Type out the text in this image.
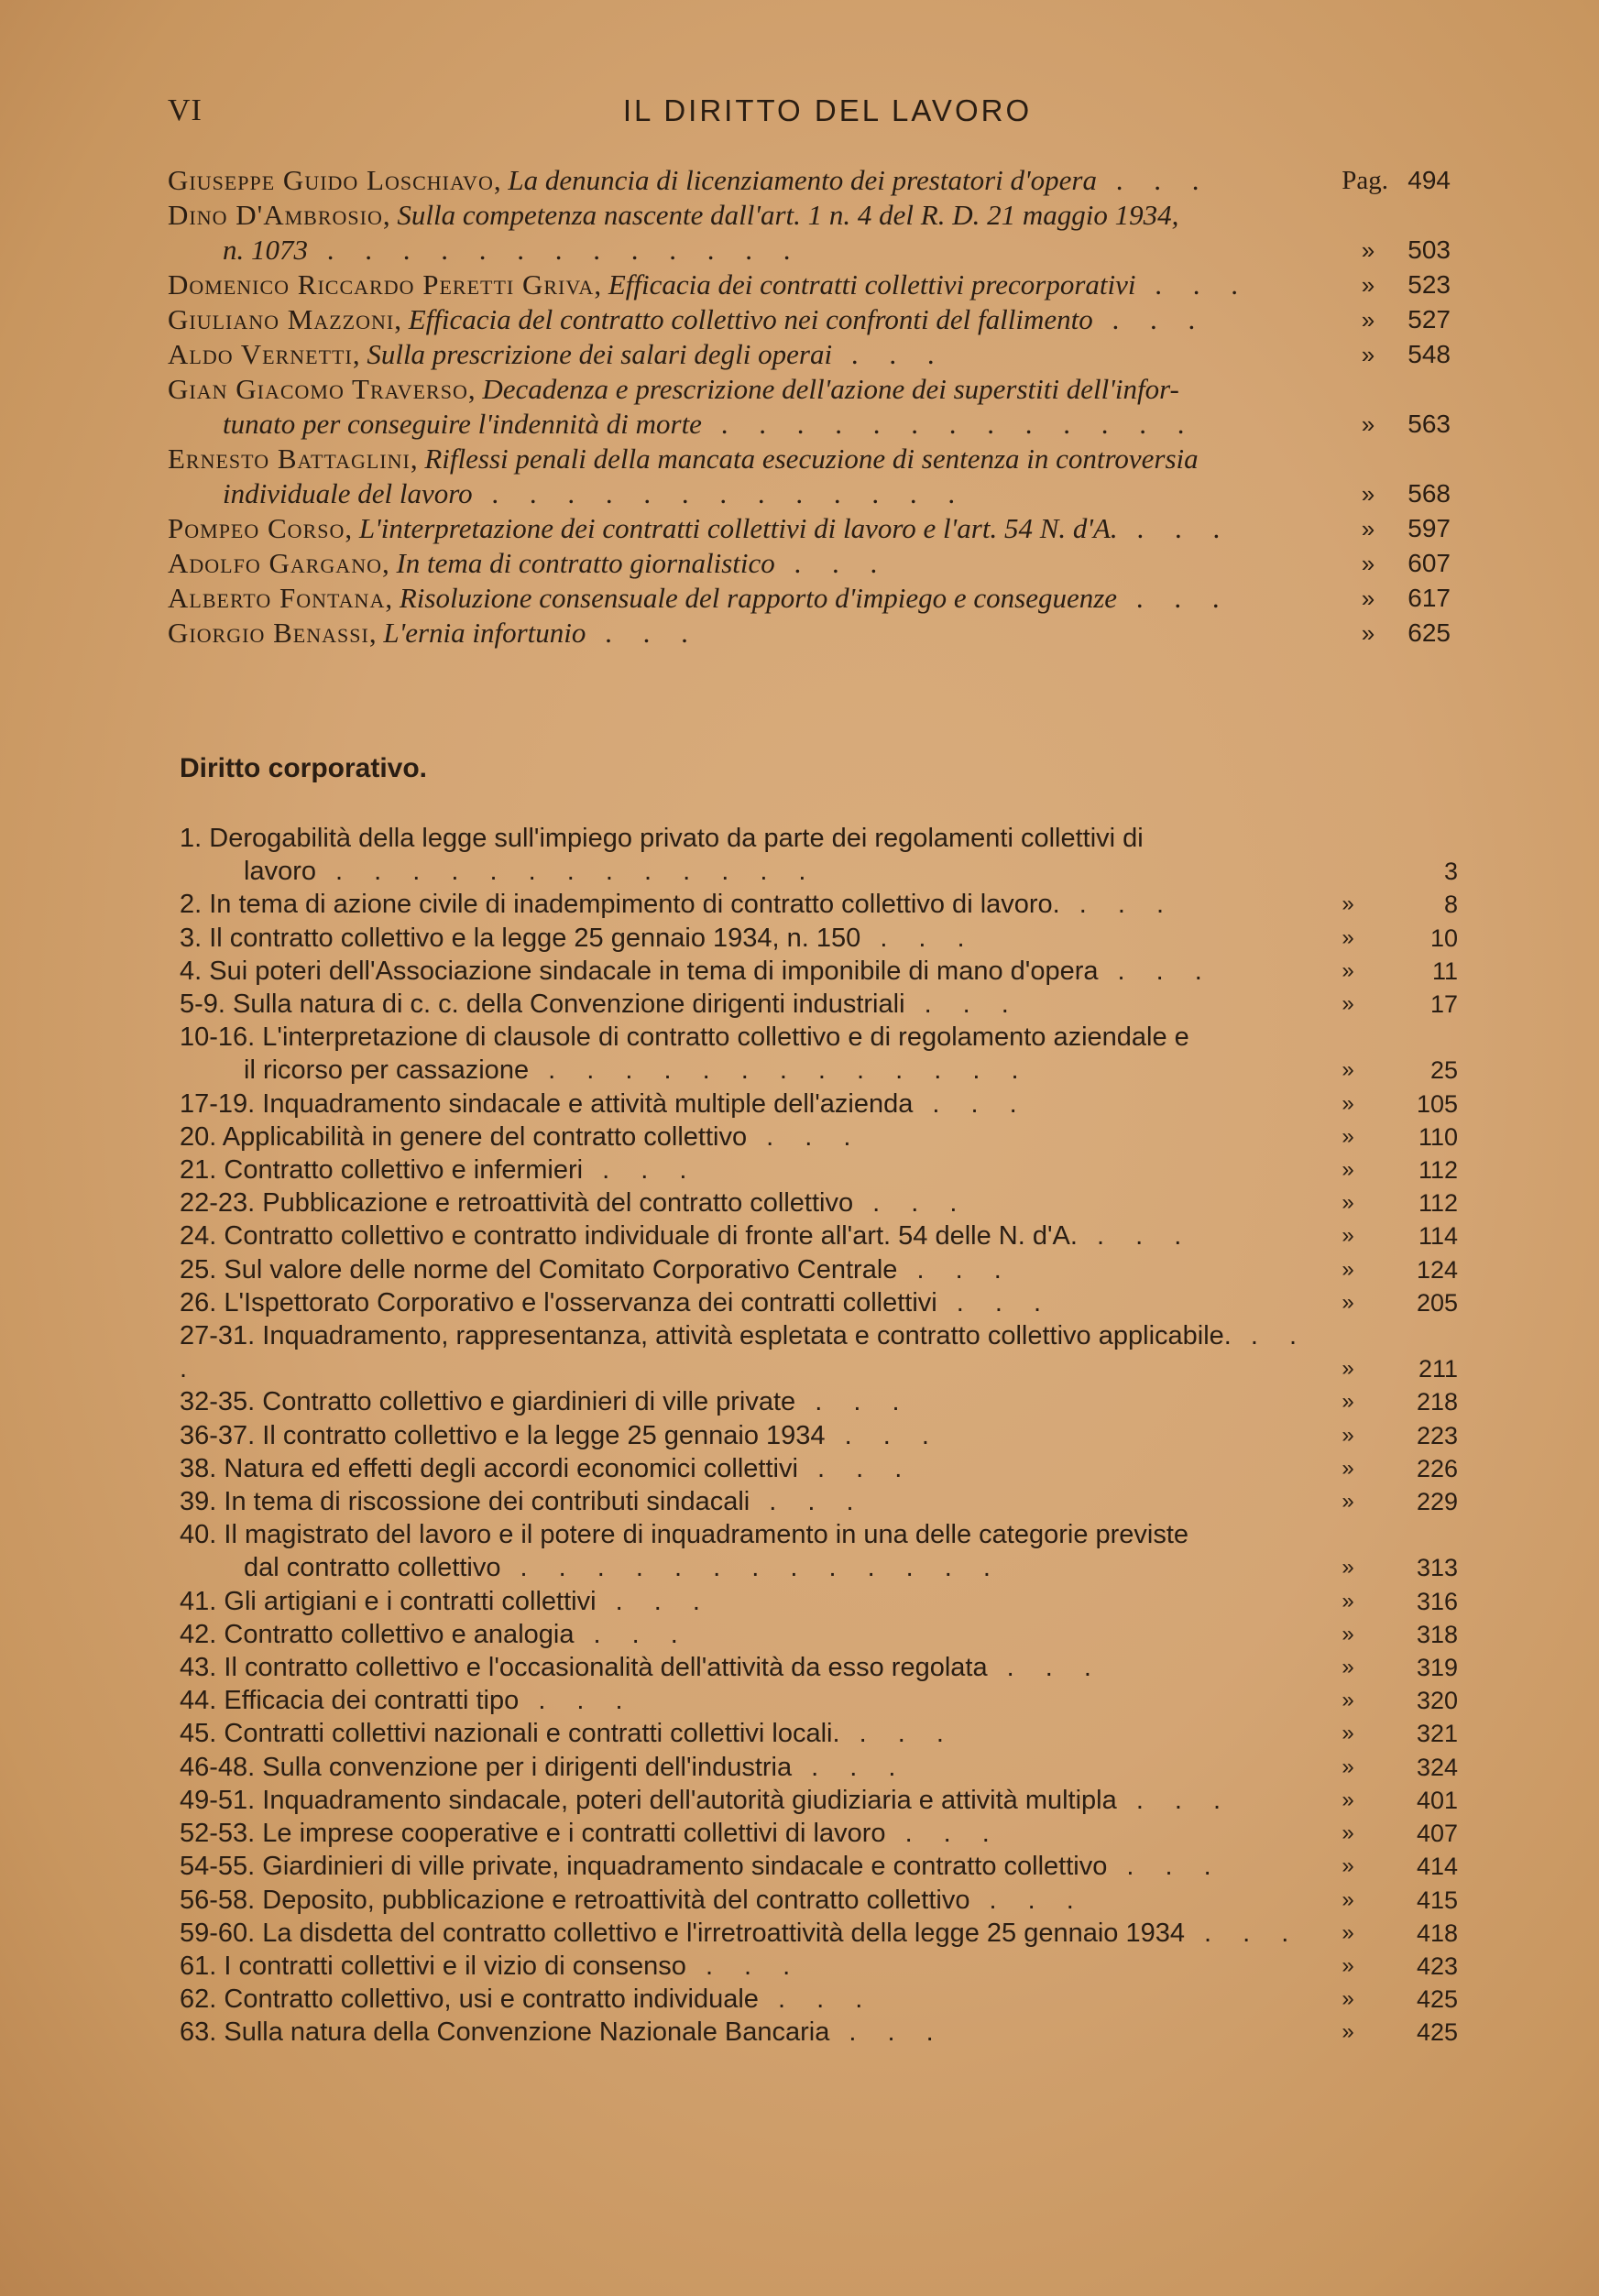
VI	IL DIRITTO DEL LAVORO
Giuseppe Guido Loschiavo, La denuncia di licenziamento dei prestatori d'opera . . .	Pag. 494
Dino D'Ambrosio, Sulla competenza nascente dall'art. 1 n. 4 del R. D. 21 maggio 1934,
n. 1073 . . . . . . . . . . . . .	»	503
Domenico Riccardo Peretti Griva, Efficacia dei contratti collettivi precorporativi . . .	»	523
Giuliano Mazzoni, Efficacia del contratto collettivo nei confronti del fallimento . . .	»	527
Aldo Vernetti, Sulla prescrizione dei salari degli operai . . .	»	548
Gian Giacomo Traverso, Decadenza e prescrizione dell'azione dei superstiti dell'infor-
tunato per conseguire l'indennità di morte . . . . . . . . . . . . .	»	563
Ernesto Battaglini, Riflessi penali della mancata esecuzione di sentenza in controversia
individuale del lavoro . . . . . . . . . . . . .	»	568
Pompeo Corso, L'interpretazione dei contratti collettivi di lavoro e l'art. 54 N. d'A. . . .	»	597
Adolfo Gargano, In tema di contratto giornalistico . . .	»	607
Alberto Fontana, Risoluzione consensuale del rapporto d'impiego e conseguenze . . .	»	617
Giorgio Benassi, L'ernia infortunio . . .	»	625
Diritto corporativo.
1. Derogabilità della legge sull'impiego privato da parte dei regolamenti collettivi di
lavoro . . . . . . . . . . . . .	3
2. In tema di azione civile di inadempimento di contratto collettivo di lavoro. . . .	»	8
3. Il contratto collettivo e la legge 25 gennaio 1934, n. 150 . . .	»	10
4. Sui poteri dell'Associazione sindacale in tema di imponibile di mano d'opera . . .	»	11
5-9. Sulla natura di c. c. della Convenzione dirigenti industriali . . .	»	17
10-16. L'interpretazione di clausole di contratto collettivo e di regolamento aziendale e
il ricorso per cassazione . . . . . . . . . . . . .	»	25
17-19. Inquadramento sindacale e attività multiple dell'azienda . . .	»	105
20. Applicabilità in genere del contratto collettivo . . .	»	110
21. Contratto collettivo e infermieri . . .	»	112
22-23. Pubblicazione e retroattività del contratto collettivo . . .	»	112
24. Contratto collettivo e contratto individuale di fronte all'art. 54 delle N. d'A. . . .	»	114
25. Sul valore delle norme del Comitato Corporativo Centrale . . .	»	124
26. L'Ispettorato Corporativo e l'osservanza dei contratti collettivi . . .	»	205
27-31. Inquadramento, rappresentanza, attività espletata e contratto collettivo applicabile. . . .	»	211
32-35. Contratto collettivo e giardinieri di ville private . . .	»	218
36-37. Il contratto collettivo e la legge 25 gennaio 1934 . . .	»	223
38. Natura ed effetti degli accordi economici collettivi . . .	»	226
39. In tema di riscossione dei contributi sindacali . . .	»	229
40. Il magistrato del lavoro e il potere di inquadramento in una delle categorie previste
dal contratto collettivo . . . . . . . . . . . . .	»	313
41. Gli artigiani e i contratti collettivi . . .	»	316
42. Contratto collettivo e analogia . . .	»	318
43. Il contratto collettivo e l'occasionalità dell'attività da esso regolata . . .	»	319
44. Efficacia dei contratti tipo . . .	»	320
45. Contratti collettivi nazionali e contratti collettivi locali. . . .	»	321
46-48. Sulla convenzione per i dirigenti dell'industria . . .	»	324
49-51. Inquadramento sindacale, poteri dell'autorità giudiziaria e attività multipla . . .	»	401
52-53. Le imprese cooperative e i contratti collettivi di lavoro . . .	»	407
54-55. Giardinieri di ville private, inquadramento sindacale e contratto collettivo . . .	»	414
56-58. Deposito, pubblicazione e retroattività del contratto collettivo . . .	»	415
59-60. La disdetta del contratto collettivo e l'irretroattività della legge 25 gennaio 1934 . . .	»	418
61. I contratti collettivi e il vizio di consenso . . .	»	423
62. Contratto collettivo, usi e contratto individuale . . .	»	425
63. Sulla natura della Convenzione Nazionale Bancaria . . .	»	425
